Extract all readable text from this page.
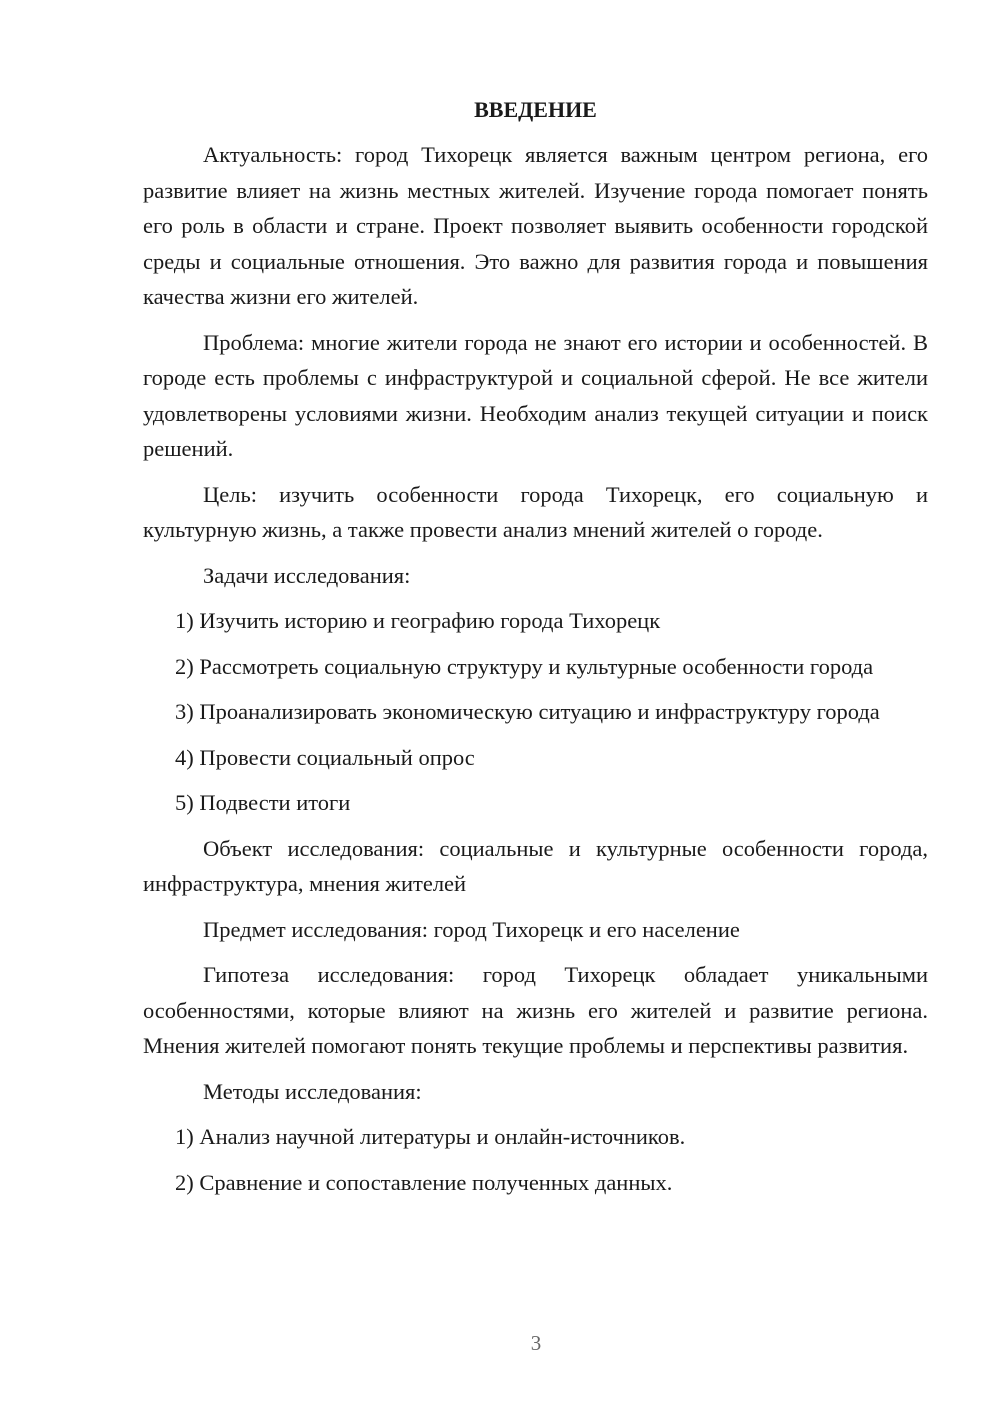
ВВЕДЕНИЕ

Актуальность: город Тихорецк является важным центром региона, его развитие влияет на жизнь местных жителей. Изучение города помогает понять его роль в области и стране. Проект позволяет выявить особенности городской среды и социальные отношения. Это важно для развития города и повышения качества жизни его жителей.

Проблема: многие жители города не знают его истории и особенностей. В городе есть проблемы с инфраструктурой и социальной сферой. Не все жители удовлетворены условиями жизни. Необходим анализ текущей ситуации и поиск решений.

Цель: изучить особенности города Тихорецк, его социальную и культурную жизнь, а также провести анализ мнений жителей о городе.

Задачи исследования:

1) Изучить историю и географию города Тихорецк

2) Рассмотреть социальную структуру и культурные особенности города

3) Проанализировать экономическую ситуацию и инфраструктуру города

4) Провести социальный опрос

5) Подвести итоги

Объект исследования: социальные и культурные особенности города, инфраструктура, мнения жителей

Предмет исследования: город Тихорецк и его население

Гипотеза исследования: город Тихорецк обладает уникальными особенностями, которые влияют на жизнь его жителей и развитие региона. Мнения жителей помогают понять текущие проблемы и перспективы развития.

Методы исследования:

1) Анализ научной литературы и онлайн-источников.

2) Сравнение и сопоставление полученных данных.

3
